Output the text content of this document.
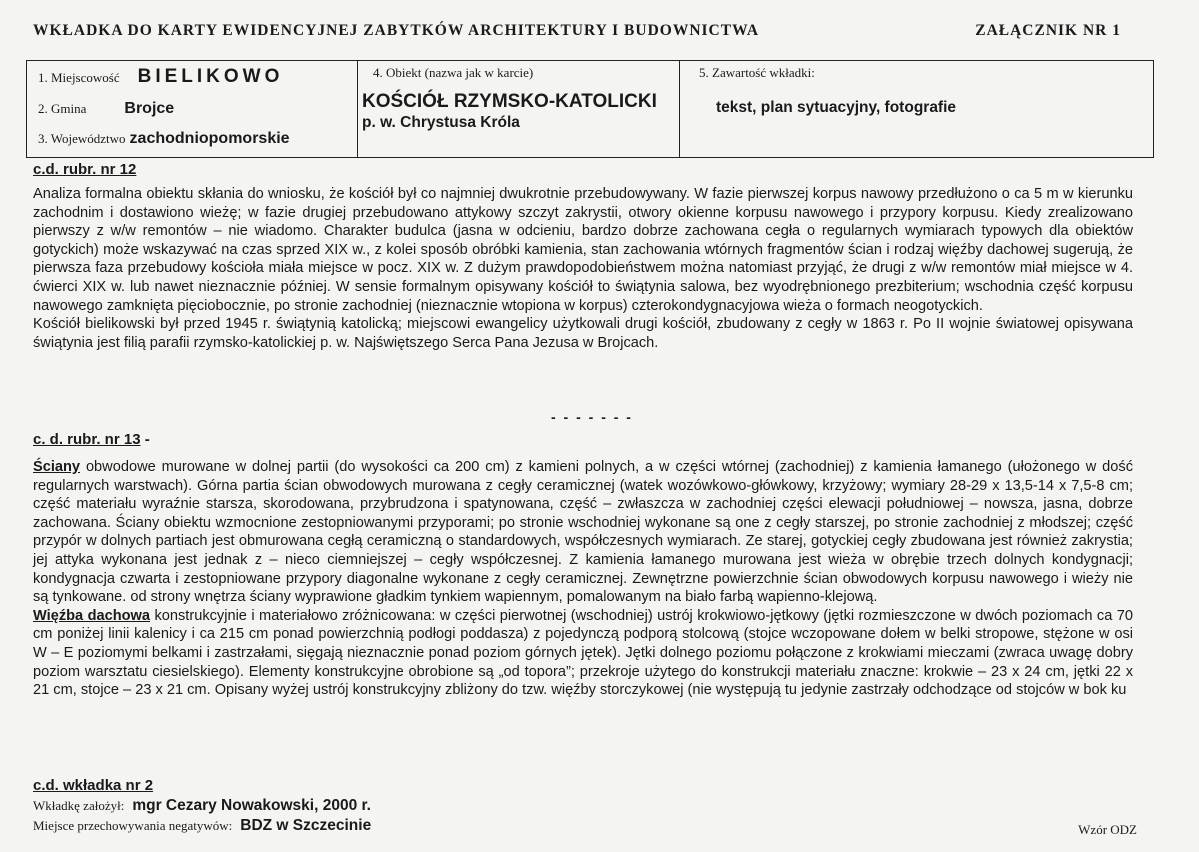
WKŁADKA DO KARTY EWIDENCYJNEJ ZABYTKÓW ARCHITEKTURY I BUDOWNICTWA	ZAŁĄCZNIK NR 1
1. Miejscowość BIELIKOWO
2. Gmina Brojce
3. Województwo zachodniopomorskie
4. Obiekt (nazwa jak w karcie)
KOŚCIÓŁ RZYMSKO-KATOLICKI
p. w. Chrystusa Króla
5. Zawartość wkładki:
tekst, plan sytuacyjny, fotografie
c.d. rubr. nr 12

Analiza formalna obiektu skłania do wniosku, że kościół był co najmniej dwukrotnie przebudowywany. W fazie pierwszej korpus nawowy przedłużono o ca 5 m w kierunku zachodnim i dostawiono wieżę; w fazie drugiej przebudowano attykowy szczyt zakrystii, otwory okienne korpusu nawowego i przypory korpusu. Kiedy zrealizowano pierwszy z w/w remontów – nie wiadomo. Charakter budulca (jasna w odcieniu, bardzo dobrze zachowana cegła o regularnych wymiarach typowych dla obiektów gotyckich) może wskazywać na czas sprzed XIX w., z kolei sposób obróbki kamienia, stan zachowania wtórnych fragmentów ścian i rodzaj więźby dachowej sugerują, że pierwsza faza przebudowy kościoła miała miejsce w pocz. XIX w. Z dużym prawdopodobieństwem można natomiast przyjąć, że drugi z w/w remontów miał miejsce w 4. ćwierci XIX w. lub nawet nieznacznie później. W sensie formalnym opisywany kościół to świątynia salowa, bez wyodrębnionego prezbiterium; wschodnia część korpusu nawowego zamknięta pięciobocznie, po stronie zachodniej (nieznacznie wtopiona w korpus) czterokondygnacyjowa wieża o formach neogotyckich.

Kościół bielikowski był przed 1945 r. świątynią katolicką; miejscowi ewangelicy użytkowali drugi kościół, zbudowany z cegły w 1863 r. Po II wojnie światowej opisywana świątynia jest filią parafii rzymsko-katolickiej p. w. Najświętszego Serca Pana Jezusa w Brojcach.

- - - - - - -
c. d. rubr. nr 13 -

Ściany obwodowe murowane w dolnej partii (do wysokości ca 200 cm) z kamieni polnych, a w części wtórnej (zachodniej) z kamienia łamanego (ułożonego w dość regularnych warstwach). Górna partia ścian obwodowych murowana z cegły ceramicznej (watek wozówkowo-główkowy, krzyżowy; wymiary 28-29 x 13,5-14 x 7,5-8 cm; część materiału wyraźnie starsza, skorodowana, przybrudzona i spatynowana, część – zwłaszcza w zachodniej części elewacji południowej – nowsza, jasna, dobrze zachowana. Ściany obiektu wzmocnione zestopniowanymi przyporami; po stronie wschodniej wykonane są one z cegły starszej, po stronie zachodniej z młodszej; część przypór w dolnych partiach jest obmurowana cegłą ceramiczną o standardowych, współczesnych wymiarach. Ze starej, gotyckiej cegły zbudowana jest również zakrystia; jej attyka wykonana jest jednak z – nieco ciemniejszej – cegły współczesnej. Z kamienia łamanego murowana jest wieża w obrębie trzech dolnych kondygnacji; kondygnacja czwarta i zestopniowane przypory diagonalne wykonane z cegły ceramicznej. Zewnętrzne powierzchnie ścian obwodowych korpusu nawowego i wieży nie są tynkowane. od strony wnętrza ściany wyprawione gładkim tynkiem wapiennym, pomalowanym na biało farbą wapienno-klejową.

Więźba dachowa konstrukcyjnie i materiałowo zróżnicowana: w części pierwotnej (wschodniej) ustrój krokwiowo-jętkowy (jętki rozmieszczone w dwóch poziomach ca 70 cm poniżej linii kalenicy i ca 215 cm ponad powierzchnią podłogi poddasza) z pojedynczą podporą stolcową (stojce wczopowane dołem w belki stropowe, stężone w osi W – E poziomymi belkami i zastrzałami, sięgają nieznacznie ponad poziom górnych jętek). Jętki dolnego poziomu połączone z krokwiami mieczami (zwraca uwagę dobry poziom warsztatu ciesielskiego). Elementy konstrukcyjne obrobione są „od topora”; przekroje użytego do konstrukcji materiału znaczne: krokwie – 23 x 24 cm, jętki 22 x 21 cm, stojce – 23 x 21 cm. Opisany wyżej ustrój konstrukcyjny zbliżony do tzw. więźby storczykowej (nie występują tu jedynie zastrzały odchodzące od stojców w bok ku

c.d. wkładka nr 2
Wkładkę założył: mgr Cezary Nowakowski, 2000 r.
Miejsce przechowywania negatywów: BDZ w Szczecinie	Wzór ODZ
